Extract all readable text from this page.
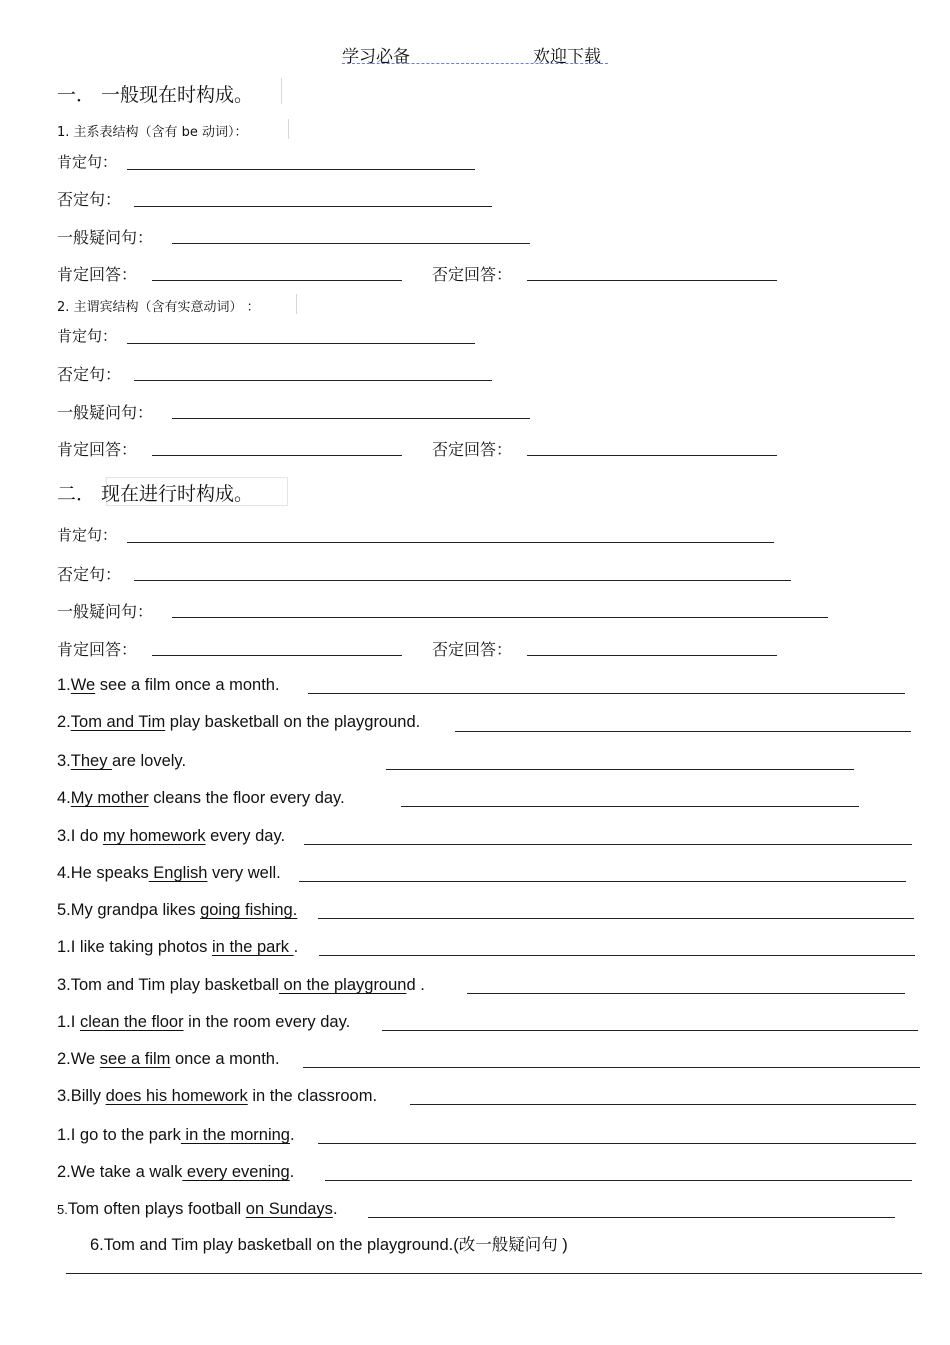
学习必备	欢迎下载
一． 一般现在时构成。
1. 主系表结构（含有 be 动词）：
肯定句：
否定句：
一般疑问句：
肯定回答：	否定回答：
2. 主谓宾结构（含有实意动词） ：
肯定句：
否定句：
一般疑问句：
肯定回答：	否定回答：
二． 现在进行时构成。
肯定句：
否定句：
一般疑问句：
肯定回答：	否定回答：
1.We see a film once a month.
2.Tom and Tim play basketball on the playground.
3.They are lovely.
4.My mother cleans the floor every day.
3.I do my homework every day.
4.He speaks English very well.
5.My grandpa likes going fishing.
1.I like taking photos in the park .
3.Tom and Tim play basketball on the playground .
1.I clean the floor in the room every day.
2.We see a film once a month.
3.Billy does his homework in the classroom.
1.I go to the park in the morning.
2.We take a walk every evening.
5.Tom often plays football on Sundays.
6.Tom and Tim play basketball on the playground.(改一般疑问句 )
